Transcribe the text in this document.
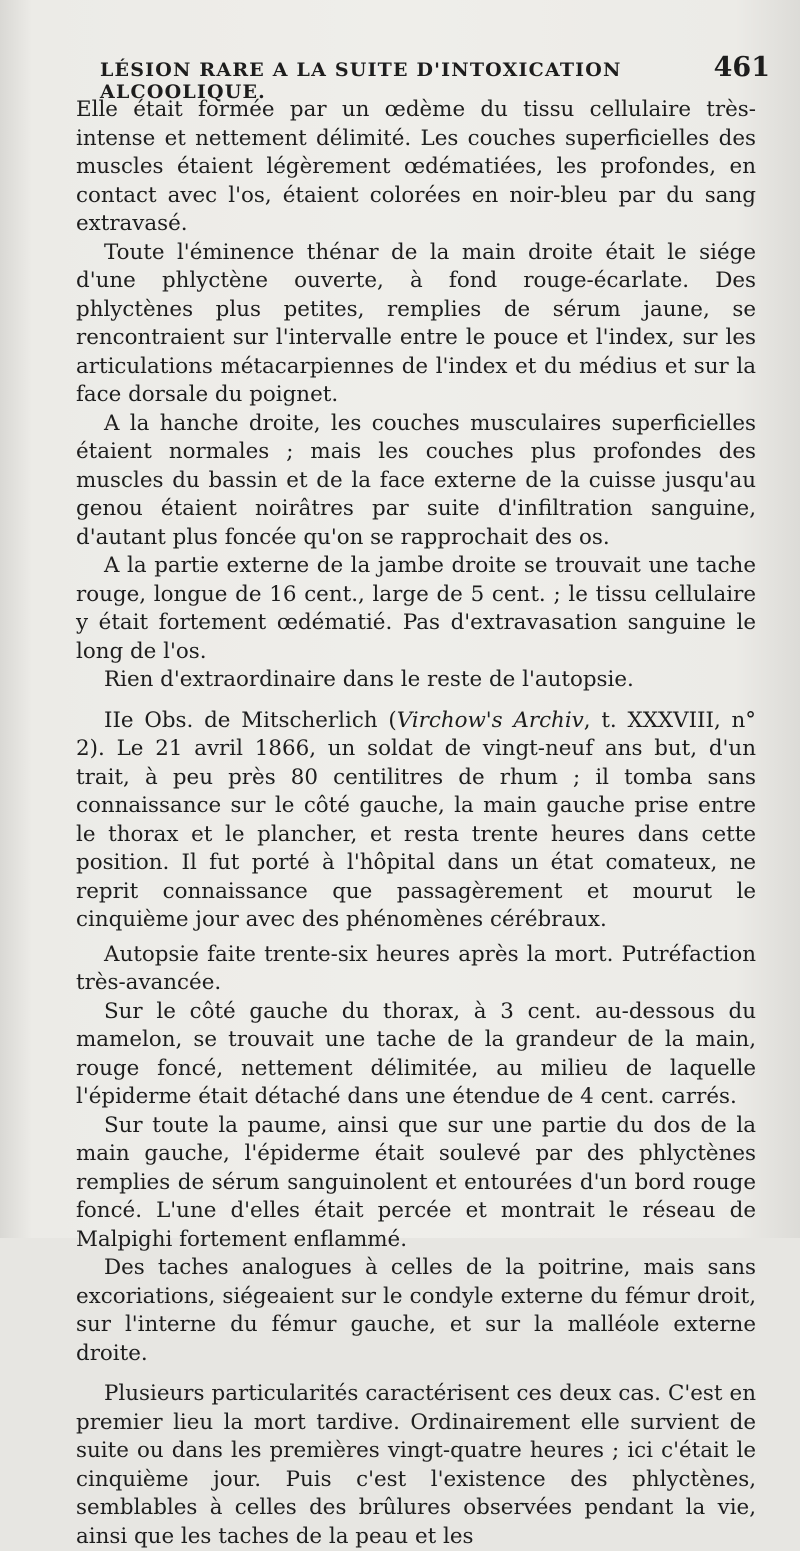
LÉSION RARE A LA SUITE D'INTOXICATION ALCOOLIQUE.
461

Elle était formée par un œdème du tissu cellulaire très-intense et nettement délimité. Les couches superficielles des muscles étaient légèrement œdématiées, les profondes, en contact avec l'os, étaient colorées en noir-bleu par du sang extravasé.

Toute l'éminence thénar de la main droite était le siége d'une phlyctène ouverte, à fond rouge-écarlate. Des phlyctènes plus petites, remplies de sérum jaune, se rencontraient sur l'intervalle entre le pouce et l'index, sur les articulations métacarpiennes de l'index et du médius et sur la face dorsale du poignet.

A la hanche droite, les couches musculaires superficielles étaient normales ; mais les couches plus profondes des muscles du bassin et de la face externe de la cuisse jusqu'au genou étaient noirâtres par suite d'infiltration sanguine, d'autant plus foncée qu'on se rapprochait des os.

A la partie externe de la jambe droite se trouvait une tache rouge, longue de 16 cent., large de 5 cent. ; le tissu cellulaire y était fortement œdématié. Pas d'extravasation sanguine le long de l'os.

Rien d'extraordinaire dans le reste de l'autopsie.

IIe Obs. de Mitscherlich (Virchow's Archiv, t. XXXVIII, n° 2). Le 21 avril 1866, un soldat de vingt-neuf ans but, d'un trait, à peu près 80 centilitres de rhum ; il tomba sans connaissance sur le côté gauche, la main gauche prise entre le thorax et le plancher, et resta trente heures dans cette position. Il fut porté à l'hôpital dans un état comateux, ne reprit connaissance que passagèrement et mourut le cinquième jour avec des phénomènes cérébraux.

Autopsie faite trente-six heures après la mort. Putréfaction très-avancée.

Sur le côté gauche du thorax, à 3 cent. au-dessous du mamelon, se trouvait une tache de la grandeur de la main, rouge foncé, nettement délimitée, au milieu de laquelle l'épiderme était détaché dans une étendue de 4 cent. carrés.

Sur toute la paume, ainsi que sur une partie du dos de la main gauche, l'épiderme était soulevé par des phlyctènes remplies de sérum sanguinolent et entourées d'un bord rouge foncé. L'une d'elles était percée et montrait le réseau de Malpighi fortement enflammé.

Des taches analogues à celles de la poitrine, mais sans excoriations, siégeaient sur le condyle externe du fémur droit, sur l'interne du fémur gauche, et sur la malléole externe droite.

Plusieurs particularités caractérisent ces deux cas. C'est en premier lieu la mort tardive. Ordinairement elle survient de suite ou dans les premières vingt-quatre heures ; ici c'était le cinquième jour. Puis c'est l'existence des phlyctènes, semblables à celles des brûlures observées pendant la vie, ainsi que les taches de la peau et les
